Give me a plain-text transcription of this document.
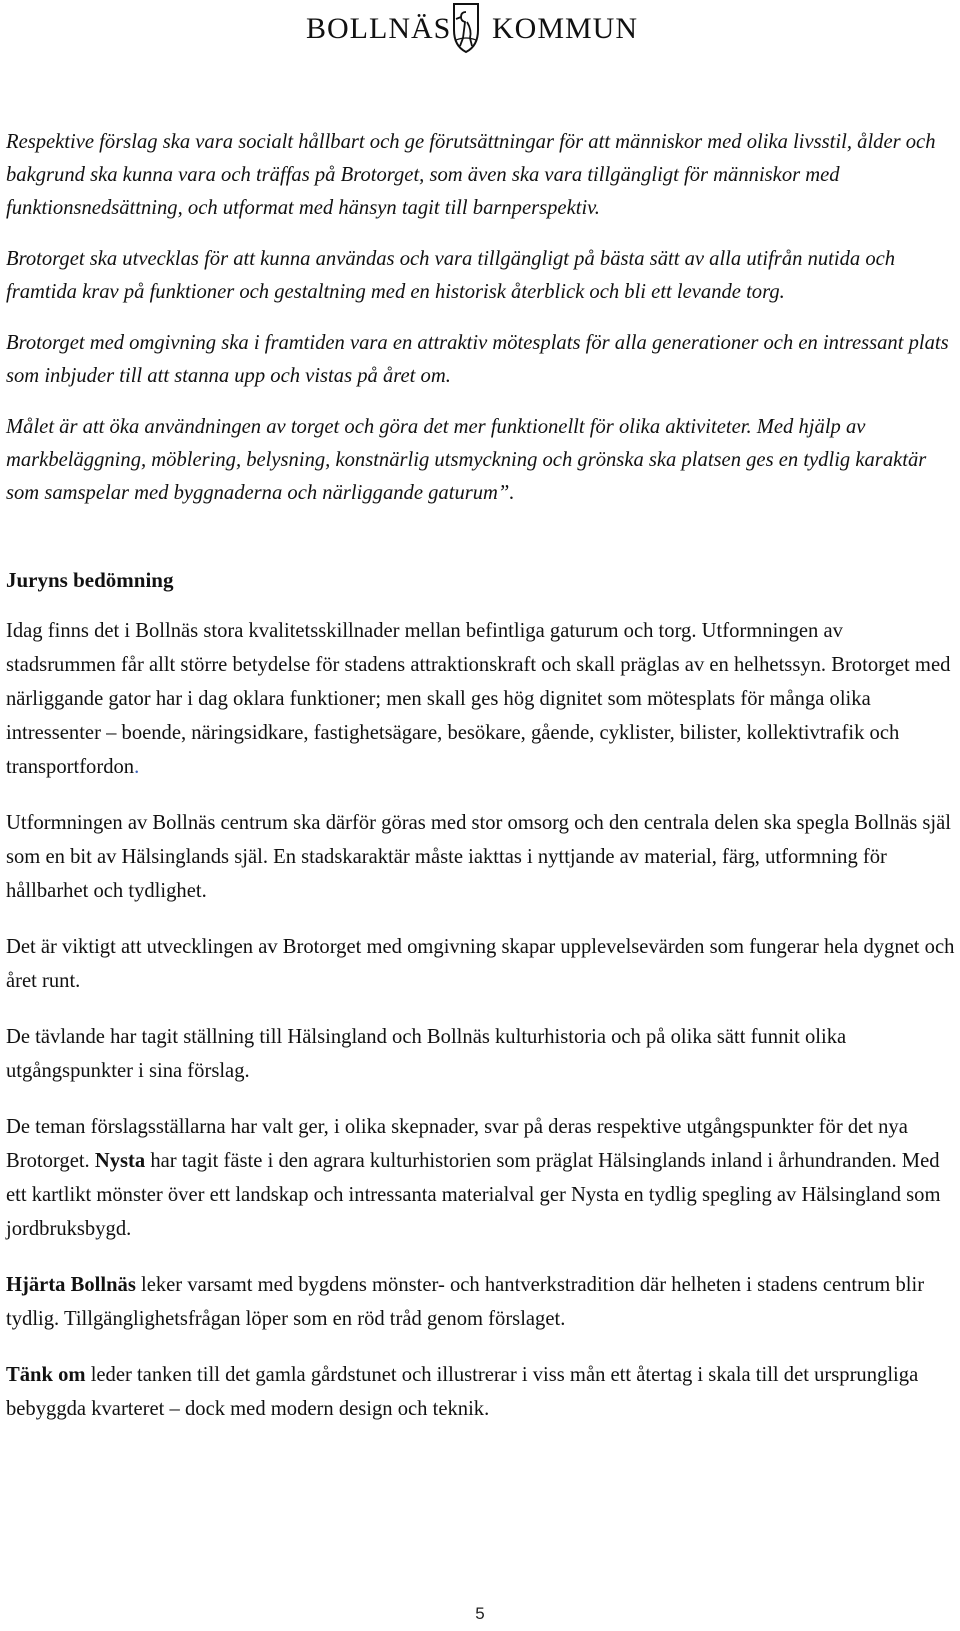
BOLLNÄS KOMMUN

Respektive förslag ska vara socialt hållbart och ge förutsättningar för att människor med olika livsstil, ålder och bakgrund ska kunna vara och träffas på Brotorget, som även ska vara tillgängligt för människor med funktionsnedsättning, och utformat med hänsyn tagit till barnperspektiv.

Brotorget ska utvecklas för att kunna användas och vara tillgängligt på bästa sätt av alla utifrån nutida och framtida krav på funktioner och gestaltning med en historisk återblick och bli ett levande torg.

Brotorget med omgivning ska i framtiden vara en attraktiv mötesplats för alla generationer och en intressant plats som inbjuder till att stanna upp och vistas på året om.

Målet är att öka användningen av torget och göra det mer funktionellt för olika aktiviteter. Med hjälp av markbeläggning, möblering, belysning, konstnärlig utsmyckning och grönska ska platsen ges en tydlig karaktär som samspelar med byggnaderna och närliggande gaturum”.

Juryns bedömning

Idag finns det i Bollnäs stora kvalitetsskillnader mellan befintliga gaturum och torg. Utformningen av stadsrummen får allt större betydelse för stadens attraktionskraft och skall präglas av en helhetssyn. Brotorget med närliggande gator har i dag oklara funktioner; men skall ges hög dignitet som mötesplats för många olika intressenter – boende, näringsidkare, fastighetsägare, besökare, gående, cyklister, bilister, kollektivtrafik och transportfordon.

Utformningen av Bollnäs centrum ska därför göras med stor omsorg och den centrala delen ska spegla Bollnäs själ som en bit av Hälsinglands själ. En stadskaraktär måste iakttas i nyttjande av material, färg, utformning för hållbarhet och tydlighet.

Det är viktigt att utvecklingen av Brotorget med omgivning skapar upplevelsevärden som fungerar hela dygnet och året runt.

De tävlande har tagit ställning till Hälsingland och Bollnäs kulturhistoria och på olika sätt funnit olika utgångspunkter i sina förslag.

De teman förslagsställarna har valt ger, i olika skepnader, svar på deras respektive utgångspunkter för det nya Brotorget. Nysta har tagit fäste i den agrara kulturhistorien som präglat Hälsinglands inland i århundranden. Med ett kartlikt mönster över ett landskap och intressanta materialval ger Nysta en tydlig spegling av Hälsingland som jordbruksbygd.

Hjärta Bollnäs leker varsamt med bygdens mönster- och hantverkstradition där helheten i stadens centrum blir tydlig. Tillgänglighetsfrågan löper som en röd tråd genom förslaget.

Tänk om leder tanken till det gamla gårdstunet och illustrerar i viss mån ett återtag i skala till det ursprungliga bebyggda kvarteret – dock med modern design och teknik.

5
